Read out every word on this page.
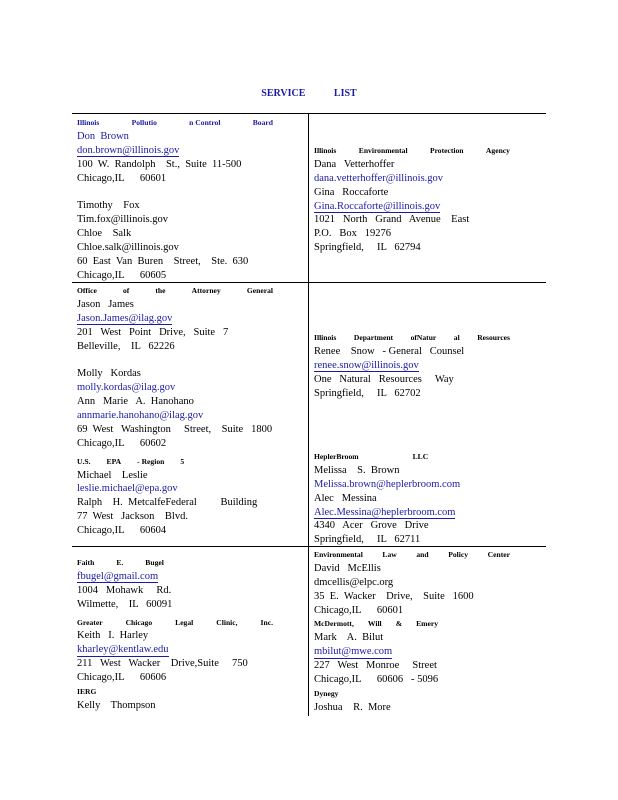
SERVICE LIST
Illinois	Pollutio	n Control	Board
Don  Brown
don.brown@illinois.gov
100  W.  Randolph    St.,  Suite  11-500
Chicago,IL      60601
Timothy    Fox
Tim.fox@illinois.gov
Chloe    Salk
Chloe.salk@illinois.gov
60  East  Van  Buren    Street,    Ste.  630
Chicago,IL      60605
Illinois	Environmental	Protection	Agency
Dana   Vetterhoffer
dana.vetterhoffer@illinois.gov
Gina   Roccaforte
Gina.Roccaforte@illinois.gov
1021   North   Grand   Avenue    East
P.O.   Box   19276
Springfield,     IL   62794
Office	of	the	Attorney	General
Jason   James
Jason.James@ilag.gov
201   West   Point   Drive,   Suite   7
Belleville,    IL   62226
Molly   Kordas
molly.kordas@ilag.gov
Ann   Marie   A.  Hanohano
annmarie.hanohano@ilag.gov
69  West   Washington     Street,    Suite   1800
Chicago,IL      60602
U.S. EPA - Region 5
Michael    Leslie
leslie.michael@epa.gov
Ralph    H.  MetcalfeFederal         Building
77  West   Jackson    Blvd.
Chicago,IL      60604
Illinois Department ofNatur al Resources
Renee    Snow   - General   Counsel
renee.snow@illinois.gov
One   Natural   Resources     Way
Springfield,     IL   62702
HeplerBroom	LLC
Melissa    S.  Brown
Melissa.brown@heplerbroom.com
Alec   Messina
Alec.Messina@heplerbroom.com
4340   Acer   Grove   Drive
Springfield,     IL   62711
Faith	E.	Bugel
fbugel@gmail.com
1004   Mohawk     Rd.
Wilmette,    IL   60091
Greater	Chicago	Legal	Clinic,	Inc.
Keith   I.  Harley
kharley@kentlaw.edu
211   West   Wacker    Drive,Suite     750
Chicago,IL      60606
IERG
Kelly    Thompson
Environmental	Law	and	Policy	Center
David   McEllis
dmcellis@elpc.org
35  E.  Wacker    Drive,    Suite   1600
Chicago,IL      60601
McDermott, Will & Emery
Mark    A.  Bilut
mbilut@mwe.com
227   West   Monroe     Street
Chicago,IL      60606   - 5096
Dynegy
Joshua    R.  More
